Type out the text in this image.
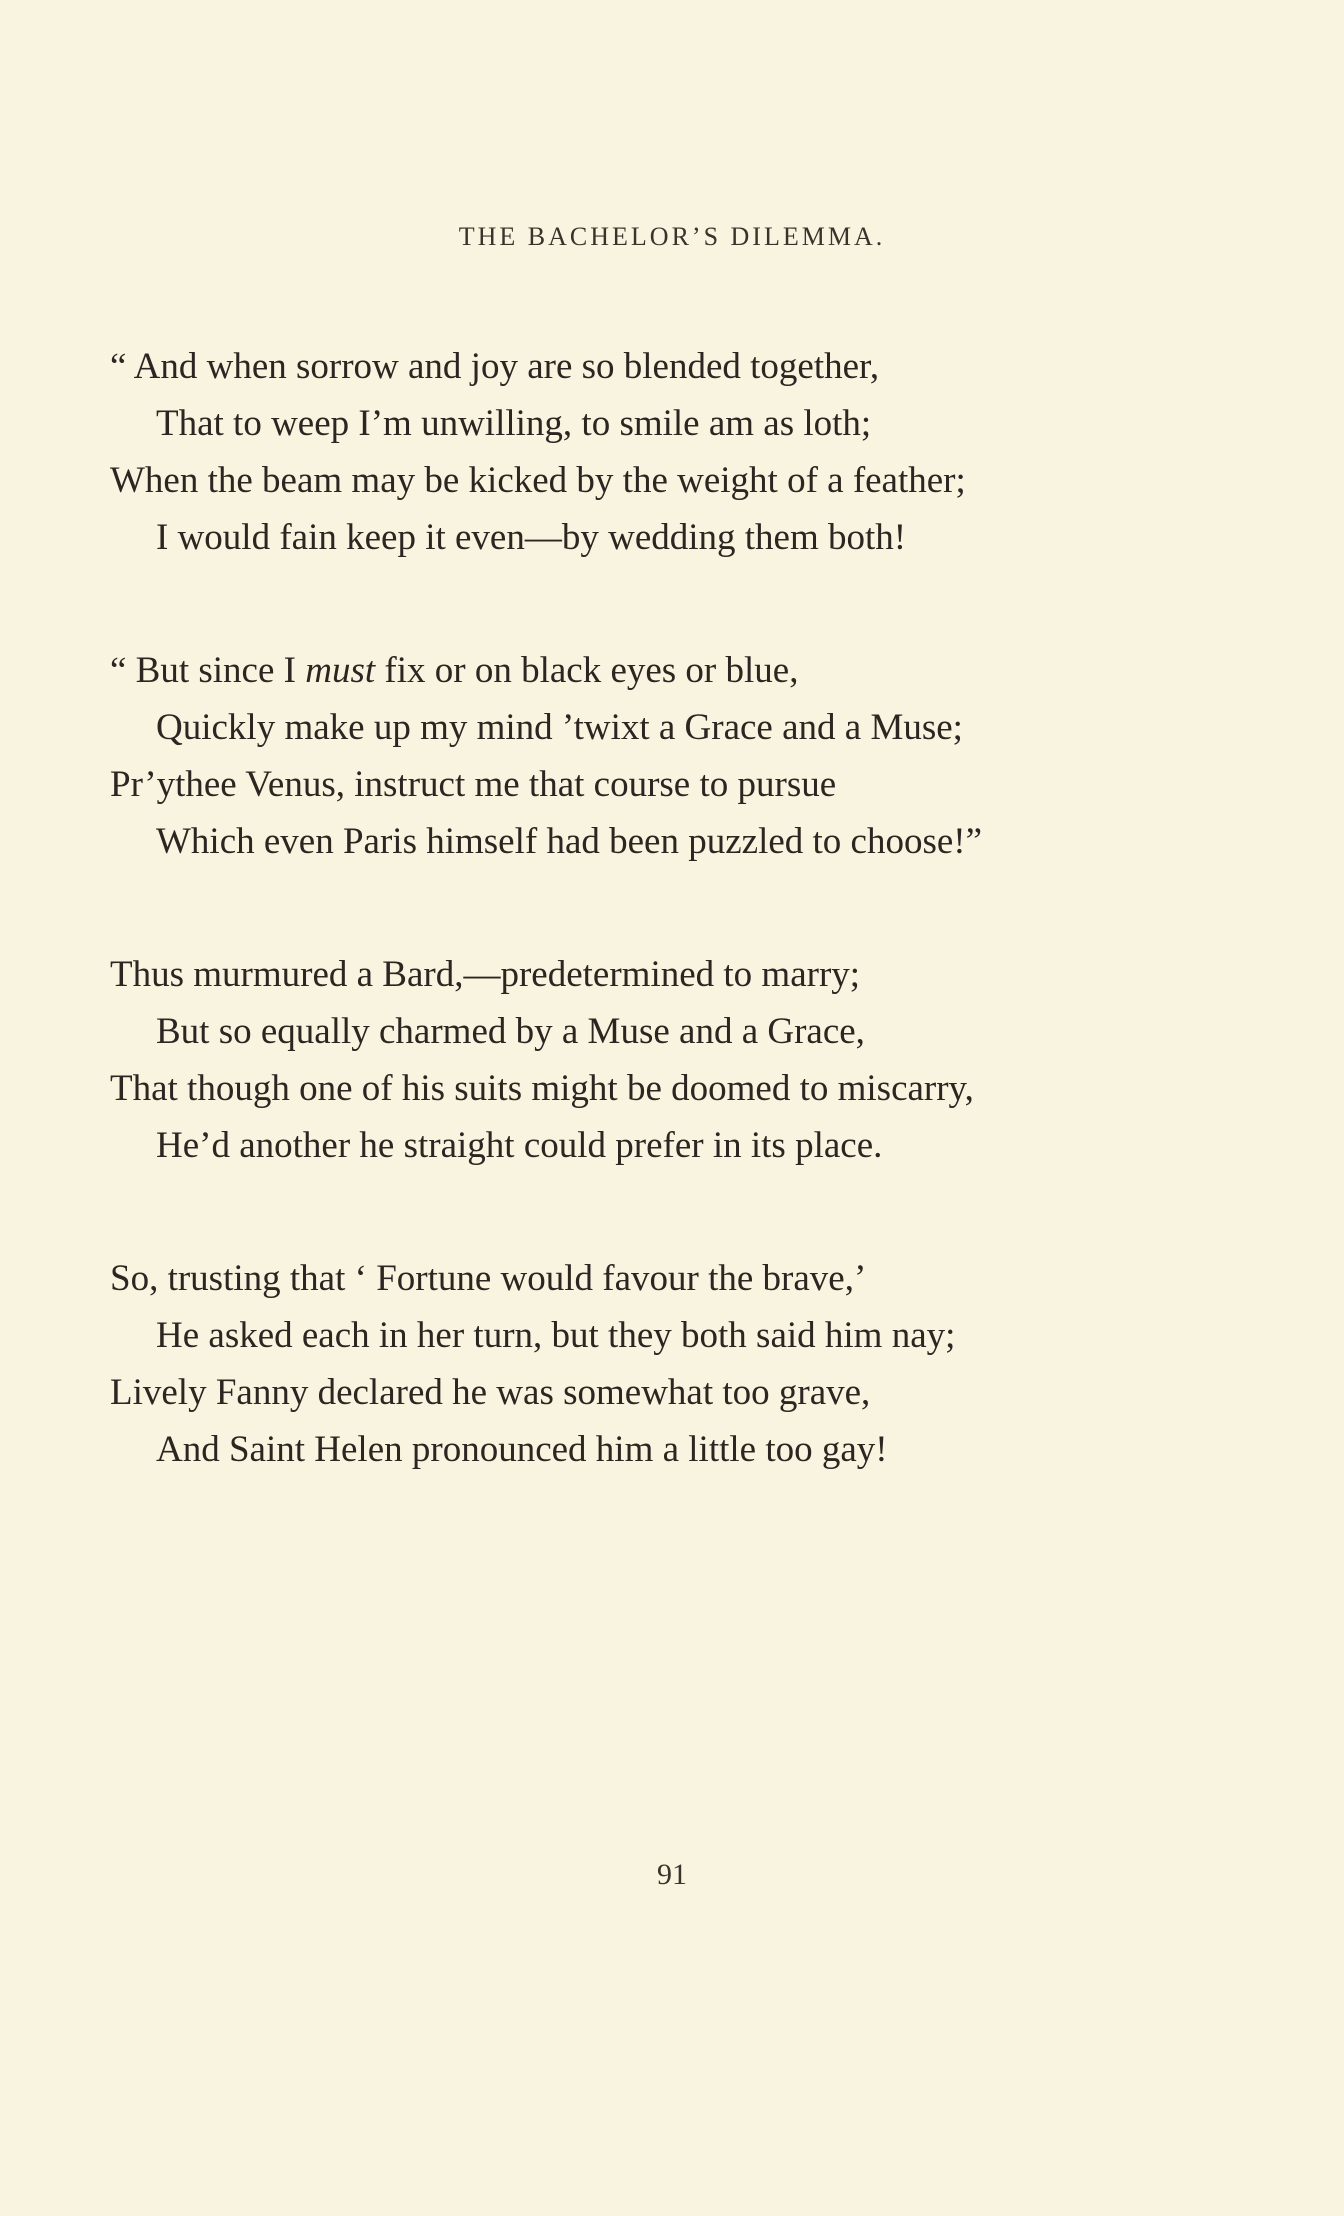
THE BACHELOR’S DILEMMA.
“ And when sorrow and joy are so blended together,
That to weep I’m unwilling, to smile am as loth;
When the beam may be kicked by the weight of a feather;
I would fain keep it even—by wedding them both!
“ But since I must fix or on black eyes or blue,
Quickly make up my mind ’twixt a Grace and a Muse;
Pr’ythee Venus, instruct me that course to pursue
Which even Paris himself had been puzzled to choose!”
Thus murmured a Bard,—predetermined to marry;
But so equally charmed by a Muse and a Grace,
That though one of his suits might be doomed to miscarry,
He’d another he straight could prefer in its place.
So, trusting that ‘ Fortune would favour the brave,’
He asked each in her turn, but they both said him nay;
Lively Fanny declared he was somewhat too grave,
And Saint Helen pronounced him a little too gay!
91
